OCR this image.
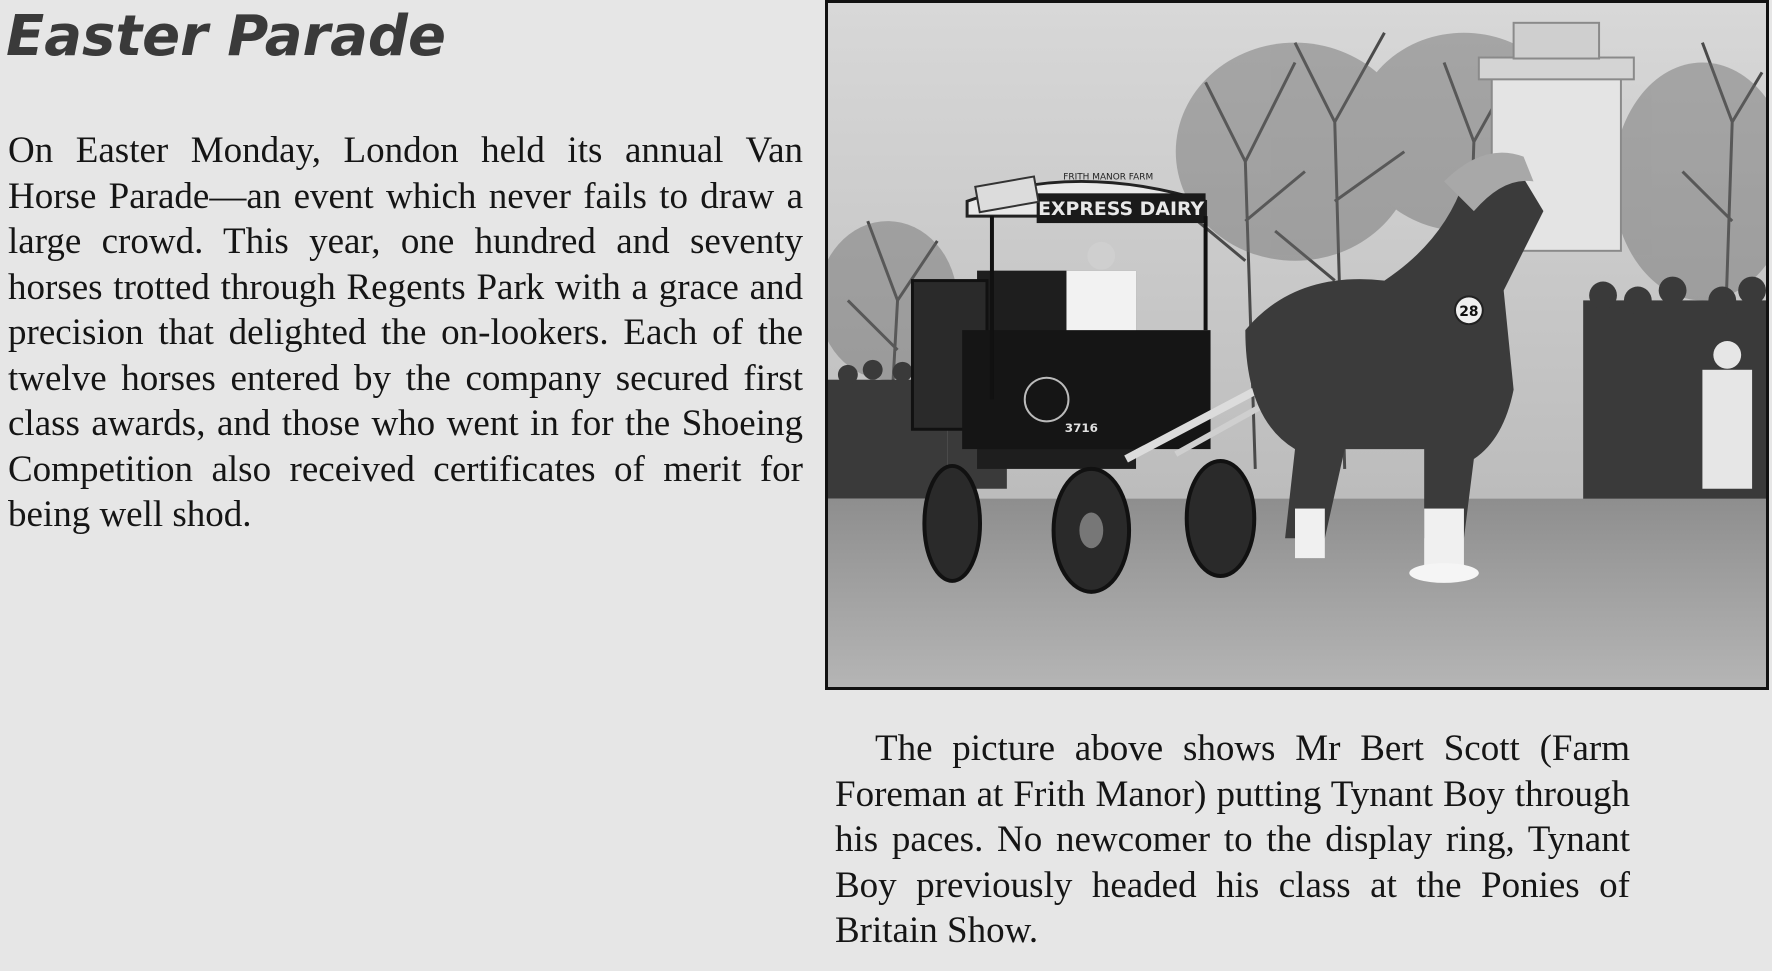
Easter Parade

On Easter Monday, London held its annual Van Horse Parade—an event which never fails to draw a large crowd. This year, one hundred and seventy horses trotted through Regents Park with a grace and precision that delighted the on-lookers. Each of the twelve horses entered by the company secured first class awards, and those who went in for the Shoeing Competition also received certificates of merit for being well shod.

EXPRESS DAIRY
FRITH MANOR FARM
3716
28

The picture above shows Mr Bert Scott (Farm Foreman at Frith Manor) putting Tynant Boy through his paces. No newcomer to the display ring, Tynant Boy previously headed his class at the Ponies of Britain Show.
